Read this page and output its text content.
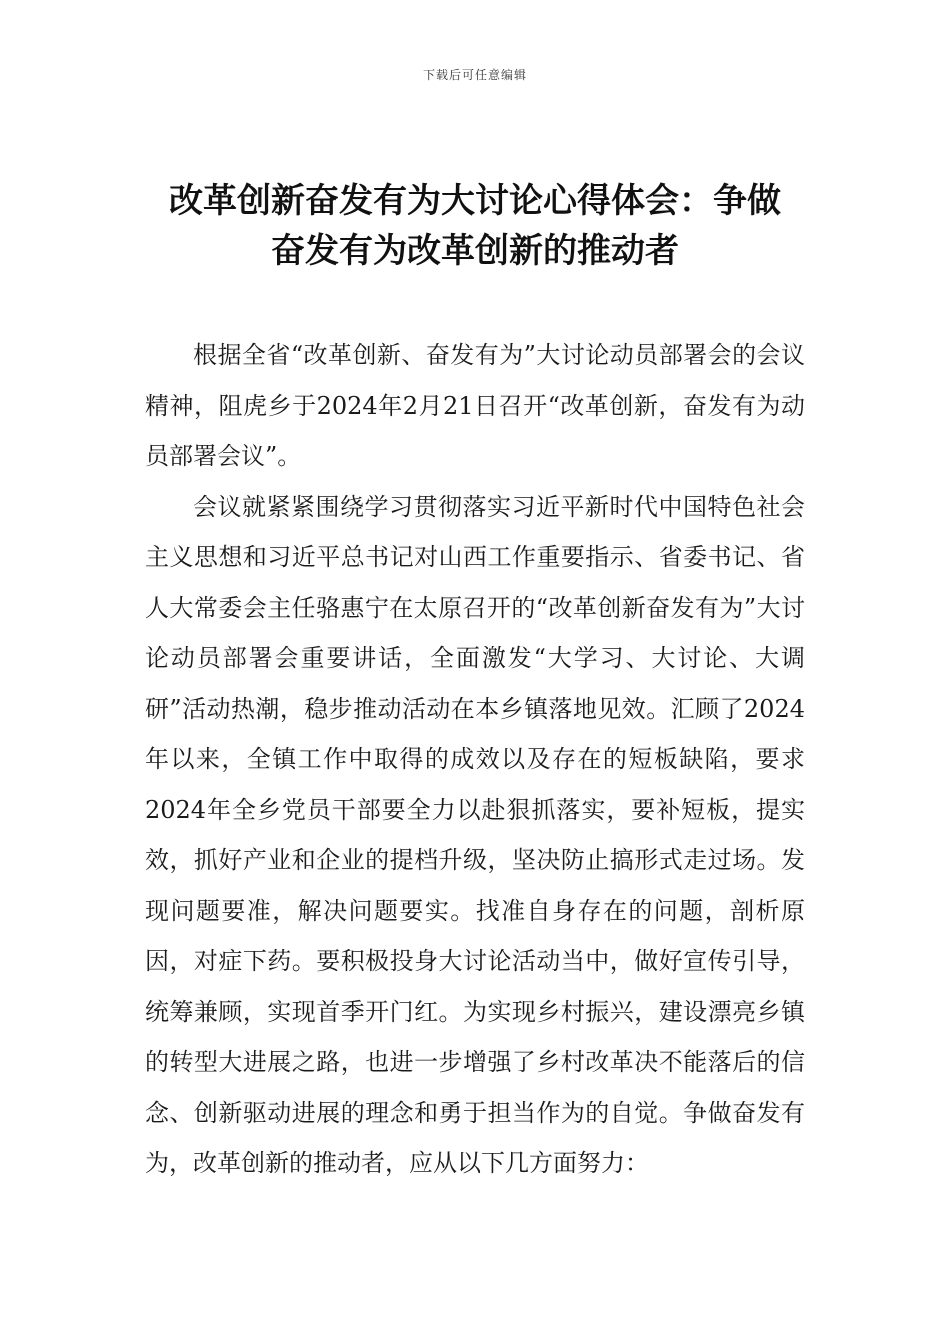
下载后可任意编辑
改革创新奋发有为大讨论心得体会：争做
奋发有为改革创新的推动者

根据全省“改革创新、奋发有为”大讨论动员部署会的会议精神，阻虎乡于2024年2月21日召开“改革创新，奋发有为动员部署会议”。

会议就紧紧围绕学习贯彻落实习近平新时代中国特色社会主义思想和习近平总书记对山西工作重要指示、省委书记、省人大常委会主任骆惠宁在太原召开的“改革创新奋发有为”大讨论动员部署会重要讲话，全面激发“大学习、大讨论、大调研”活动热潮，稳步推动活动在本乡镇落地见效。汇顾了2024年以来，全镇工作中取得的成效以及存在的短板缺陷，要求2024年全乡党员干部要全力以赴狠抓落实，要补短板，提实效，抓好产业和企业的提档升级，坚决防止搞形式走过场。发现问题要准，解决问题要实。找准自身存在的问题，剖析原因，对症下药。要积极投身大讨论活动当中，做好宣传引导，统筹兼顾，实现首季开门红。为实现乡村振兴，建设漂亮乡镇的转型大进展之路，也进一步增强了乡村改革决不能落后的信念、创新驱动进展的理念和勇于担当作为的自觉。争做奋发有为，改革创新的推动者，应从以下几方面努力：
